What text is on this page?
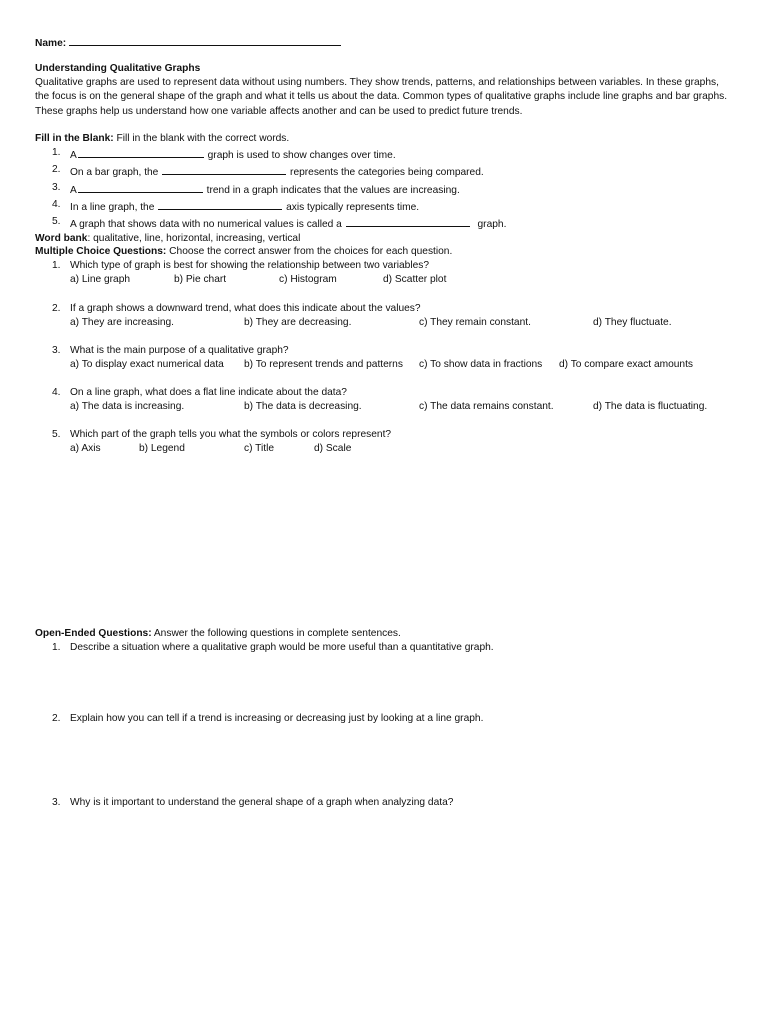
Name:
Understanding Qualitative Graphs
Qualitative graphs are used to represent data without using numbers. They show trends, patterns, and relationships between variables. In these graphs, the focus is on the general shape of the graph and what it tells us about the data. Common types of qualitative graphs include line graphs and bar graphs. These graphs help us understand how one variable affects another and can be used to predict future trends.
Fill in the Blank: Fill in the blank with the correct words.
1. A	graph is used to show changes over time.
2. On a bar graph, the	represents the categories being compared.
3. A	trend in a graph indicates that the values are increasing.
4. In a line graph, the	axis typically represents time.
5. A graph that shows data with no numerical values is called a	graph.
Word bank: qualitative, line, horizontal, increasing, vertical
Multiple Choice Questions: Choose the correct answer from the choices for each question.
1. Which type of graph is best for showing the relationship between two variables?
a) Line graph	b) Pie chart	c) Histogram	d) Scatter plot
2. If a graph shows a downward trend, what does this indicate about the values?
a) They are increasing.	b) They are decreasing.	c) They remain constant.	d) They fluctuate.
3. What is the main purpose of a qualitative graph?
a) To display exact numerical data b) To represent trends and patterns c) To show data in fractions d) To compare exact amounts
4. On a line graph, what does a flat line indicate about the data?
a) The data is increasing.	b) The data is decreasing.	c) The data remains constant.	d) The data is fluctuating.
5. Which part of the graph tells you what the symbols or colors represent?
a) Axis	b) Legend	c) Title	d) Scale
Open-Ended Questions: Answer the following questions in complete sentences.
1. Describe a situation where a qualitative graph would be more useful than a quantitative graph.
2. Explain how you can tell if a trend is increasing or decreasing just by looking at a line graph.
3. Why is it important to understand the general shape of a graph when analyzing data?
